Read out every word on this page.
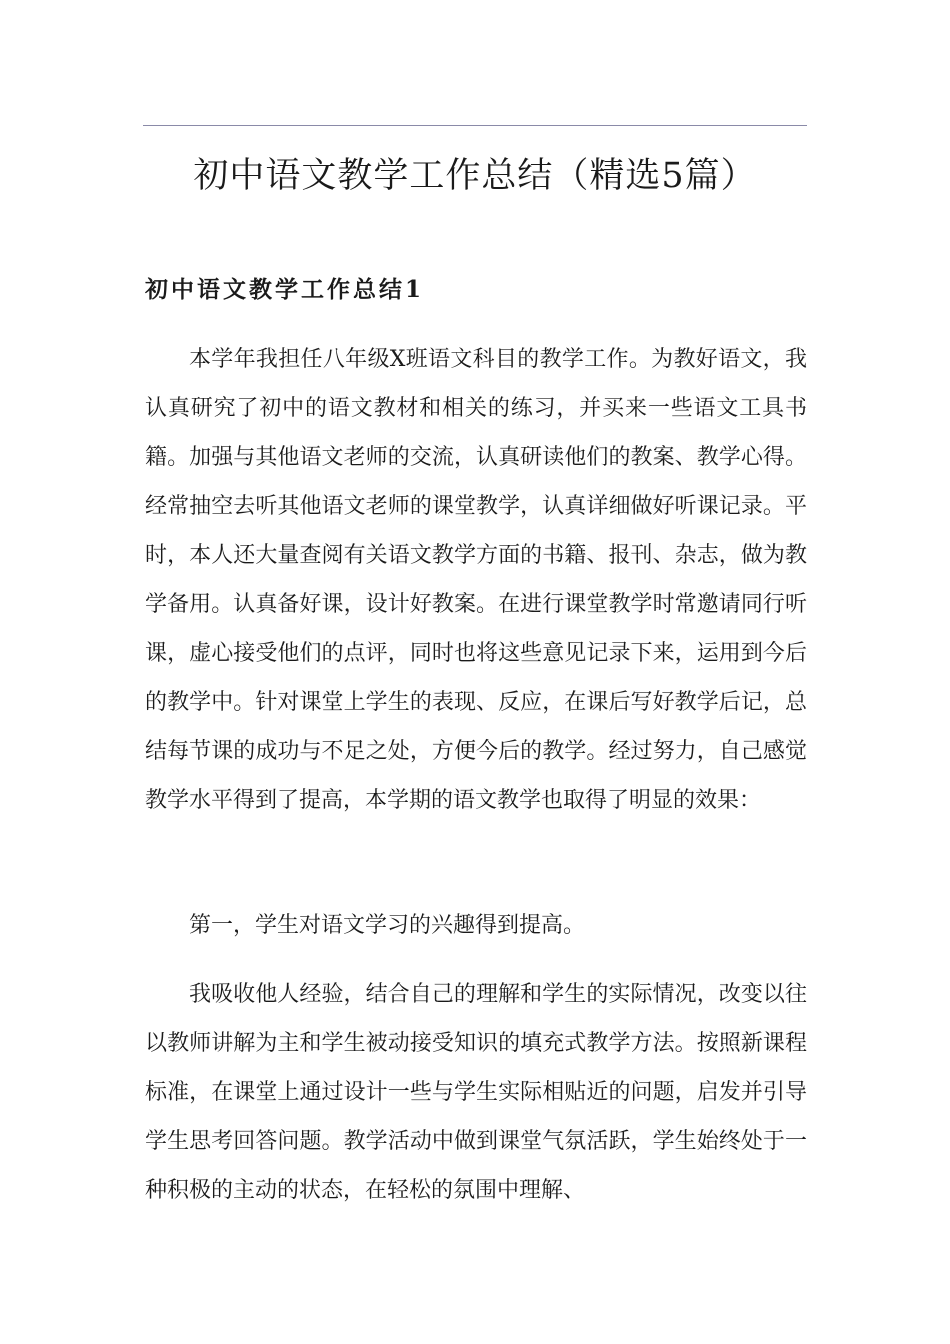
初中语文教学工作总结（精选5篇）
初中语文教学工作总结1

本学年我担任八年级X班语文科目的教学工作。为教好语文，我认真研究了初中的语文教材和相关的练习，并买来一些语文工具书籍。加强与其他语文老师的交流，认真研读他们的教案、教学心得。经常抽空去听其他语文老师的课堂教学，认真详细做好听课记录。平时，本人还大量查阅有关语文教学方面的书籍、报刊、杂志，做为教学备用。认真备好课，设计好教案。在进行课堂教学时常邀请同行听课，虚心接受他们的点评，同时也将这些意见记录下来，运用到今后的教学中。针对课堂上学生的表现、反应，在课后写好教学后记，总结每节课的成功与不足之处，方便今后的教学。经过努力，自己感觉教学水平得到了提高，本学期的语文教学也取得了明显的效果：

第一，学生对语文学习的兴趣得到提高。

我吸收他人经验，结合自己的理解和学生的实际情况，改变以往以教师讲解为主和学生被动接受知识的填充式教学方法。按照新课程标准，在课堂上通过设计一些与学生实际相贴近的问题，启发并引导学生思考回答问题。教学活动中做到课堂气氛活跃，学生始终处于一种积极的主动的状态，在轻松的氛围中理解、
